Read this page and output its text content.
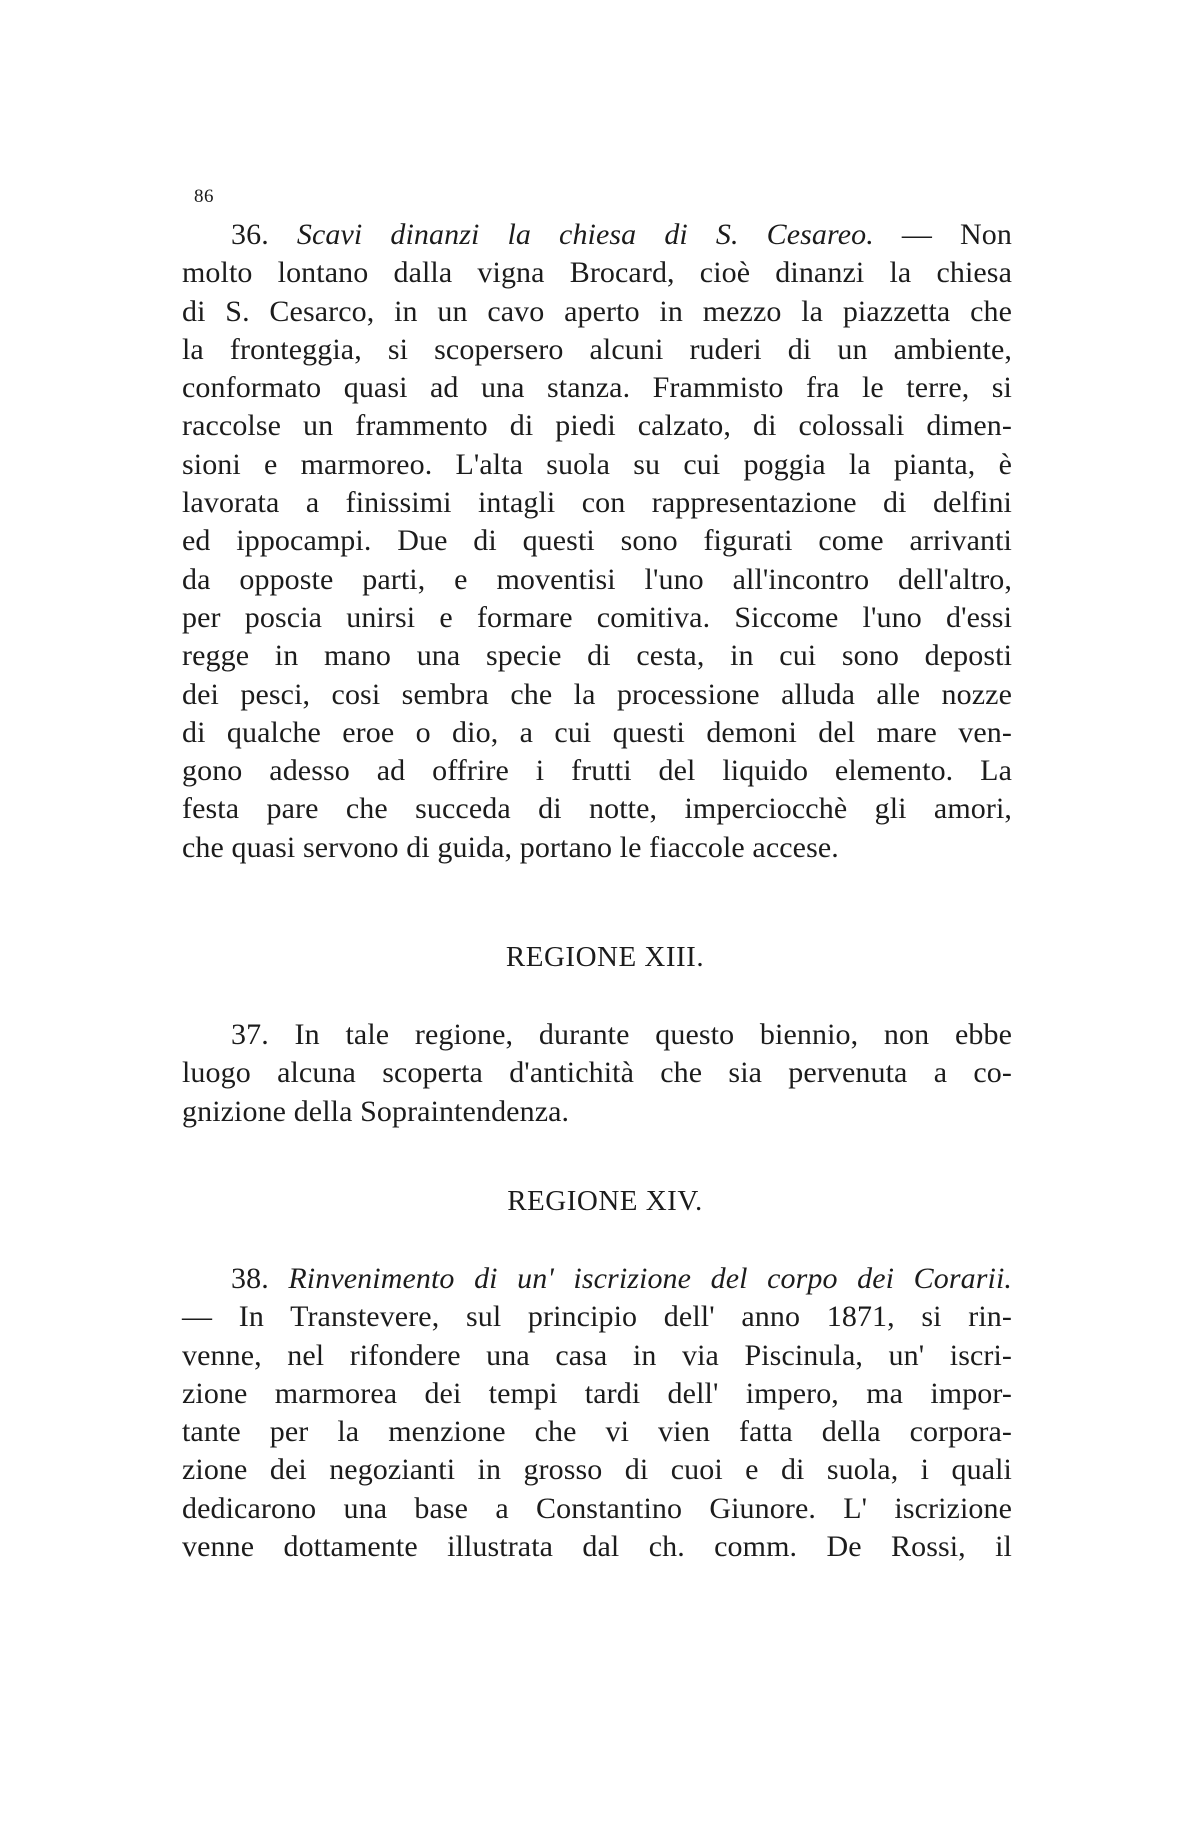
86
36. Scavi dinanzi la chiesa di S. Cesareo. — Non
molto lontano dalla vigna Brocard, cioè dinanzi la chiesa
di S. Cesarco, in un cavo aperto in mezzo la piazzetta che
la fronteggia, si scopersero alcuni ruderi di un ambiente,
conformato quasi ad una stanza. Frammisto fra le terre, si
raccolse un frammento di piedi calzato, di colossali dimen-
sioni e marmoreo. L'alta suola su cui poggia la pianta, è
lavorata a finissimi intagli con rappresentazione di delfini
ed ippocampi. Due di questi sono figurati come arrivanti
da opposte parti, e moventisi l'uno all'incontro dell'altro,
per poscia unirsi e formare comitiva. Siccome l'uno d'essi
regge in mano una specie di cesta, in cui sono deposti
dei pesci, cosi sembra che la processione alluda alle nozze
di qualche eroe o dio, a cui questi demoni del mare ven-
gono adesso ad offrire i frutti del liquido elemento. La
festa pare che succeda di notte, imperciocchè gli amori,
che quasi servono di guida, portano le fiaccole accese.
REGIONE XIII.
37. In tale regione, durante questo biennio, non ebbe
luogo alcuna scoperta d'antichità che sia pervenuta a co-
gnizione della Sopraintendenza.
REGIONE XIV.
38. Rinvenimento di un' iscrizione del corpo dei Corarii.
— In Transtevere, sul principio dell' anno 1871, si rin-
venne, nel rifondere una casa in via Piscinula, un' iscri-
zione marmorea dei tempi tardi dell' impero, ma impor-
tante per la menzione che vi vien fatta della corpora-
zione dei negozianti in grosso di cuoi e di suola, i quali
dedicarono una base a Constantino Giunore. L' iscrizione
venne dottamente illustrata dal ch. comm. De Rossi, il
